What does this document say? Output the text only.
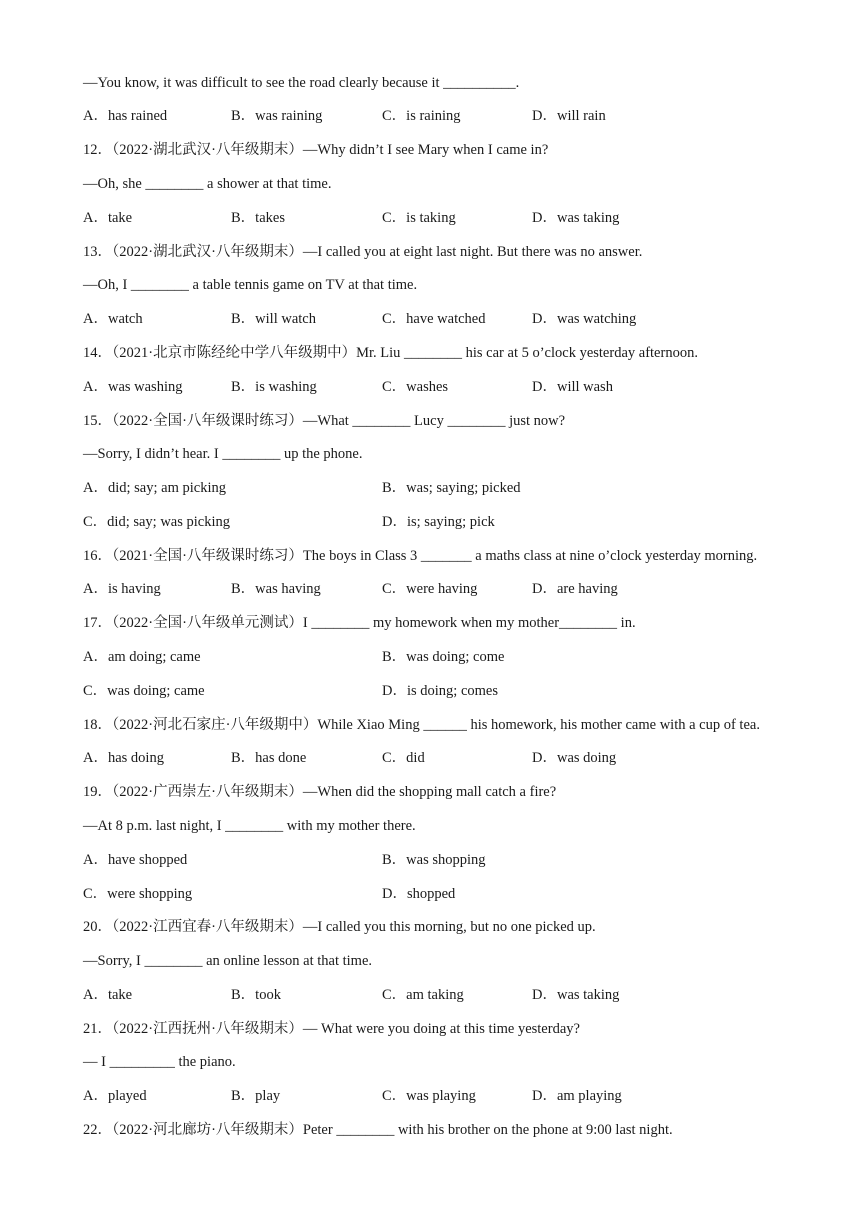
—You know, it was difficult to see the road clearly because it __________.
A．has rained	B．was raining	C．is raining	D．will rain
12．（2022·湖北武汉·八年级期末）—Why didn’t I see Mary when I came in?
—Oh, she ________ a shower at that time.
A．take	B．takes	C．is taking	D．was taking
13．（2022·湖北武汉·八年级期末）—I called you at eight last night. But there was no answer.
—Oh, I ________ a table tennis game on TV at that time.
A．watch	B．will watch	C．have watched	D．was watching
14．（2021·北京市陈经纶中学八年级期中）Mr. Liu ________ his car at 5 o’clock yesterday afternoon.
A．was washing	B．is washing	C．washes	D．will wash
15．（2022·全国·八年级课时练习）—What ________ Lucy ________ just now?
—Sorry, I didn’t hear. I ________ up the phone.
A．did; say; am picking	B．was; saying; picked
C．did; say; was picking	D．is; saying; pick
16．（2021·全国·八年级课时练习）The boys in Class 3 _______ a maths class at nine o’clock yesterday morning.
A．is having	B．was having	C．were having	D．are having
17．（2022·全国·八年级单元测试）I ________ my homework when my mother________ in.
A．am doing; came	B．was doing; come
C．was doing; came	D．is doing; comes
18．（2022·河北石家庄·八年级期中）While Xiao Ming ______ his homework, his mother came with a cup of tea.
A．has doing	B．has done	C．did	D．was doing
19．（2022·广西崇左·八年级期末）—When did the shopping mall catch a fire?
—At 8 p.m. last night, I ________ with my mother there.
A．have shopped	B．was shopping
C．were shopping	D．shopped
20．（2022·江西宜春·八年级期末）—I called you this morning, but no one picked up.
—Sorry, I ________ an online lesson at that time.
A．take	B．took	C．am taking	D．was taking
21．（2022·江西抚州·八年级期末）— What were you doing at this time yesterday?
— I _________ the piano.
A．played	B．play	C．was playing	D．am playing
22．（2022·河北廊坊·八年级期末）Peter ________ with his brother on the phone at 9:00 last night.
